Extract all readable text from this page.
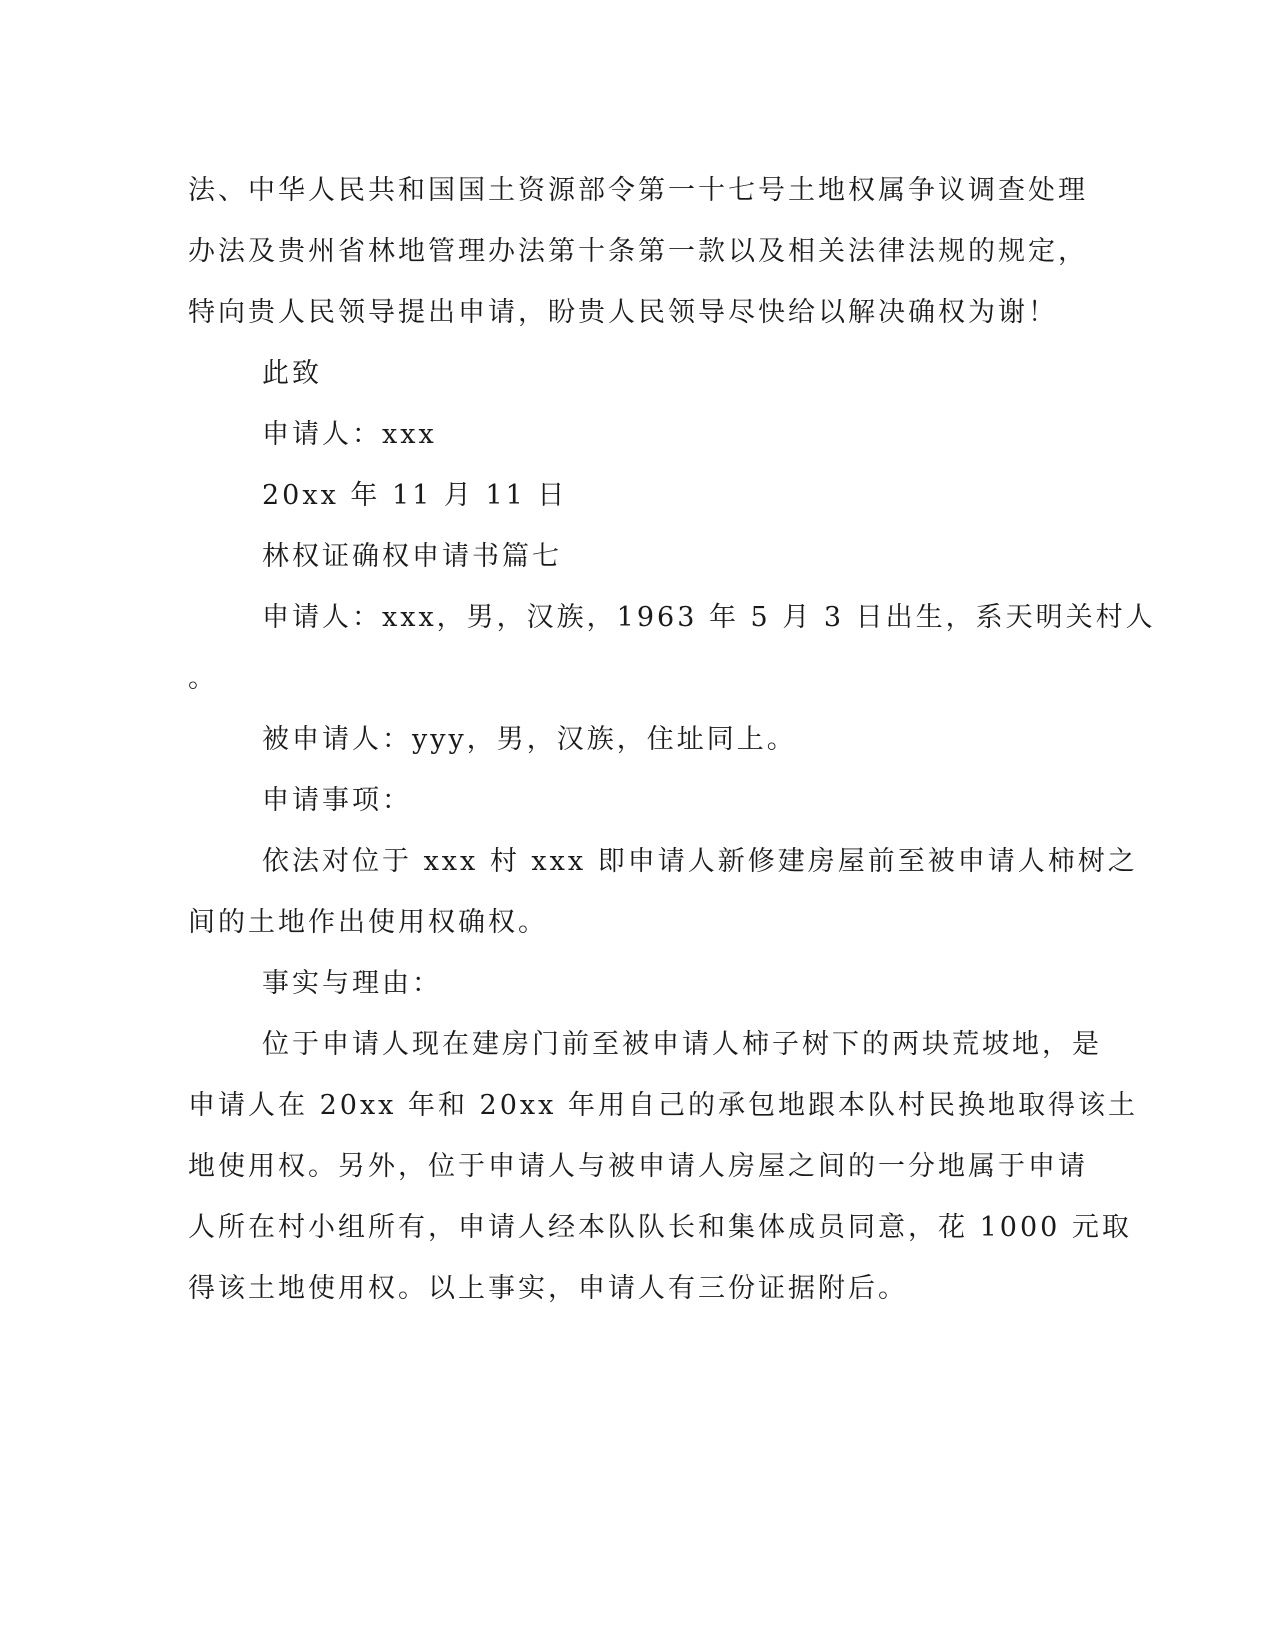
法、中华人民共和国国土资源部令第一十七号土地权属争议调查处理
办法及贵州省林地管理办法第十条第一款以及相关法律法规的规定，
特向贵人民领导提出申请，盼贵人民领导尽快给以解决确权为谢！
此致
申请人：xxx
20xx 年 11 月 11 日
林权证确权申请书篇七
申请人：xxx，男，汉族，1963 年 5 月 3 日出生，系天明关村人
。
被申请人：yyy，男，汉族，住址同上。
申请事项：
依法对位于 xxx 村 xxx 即申请人新修建房屋前至被申请人柿树之
间的土地作出使用权确权。
事实与理由：
位于申请人现在建房门前至被申请人柿子树下的两块荒坡地，是
申请人在 20xx 年和 20xx 年用自己的承包地跟本队村民换地取得该土
地使用权。另外，位于申请人与被申请人房屋之间的一分地属于申请
人所在村小组所有，申请人经本队队长和集体成员同意，花 1000 元取
得该土地使用权。以上事实，申请人有三份证据附后。
